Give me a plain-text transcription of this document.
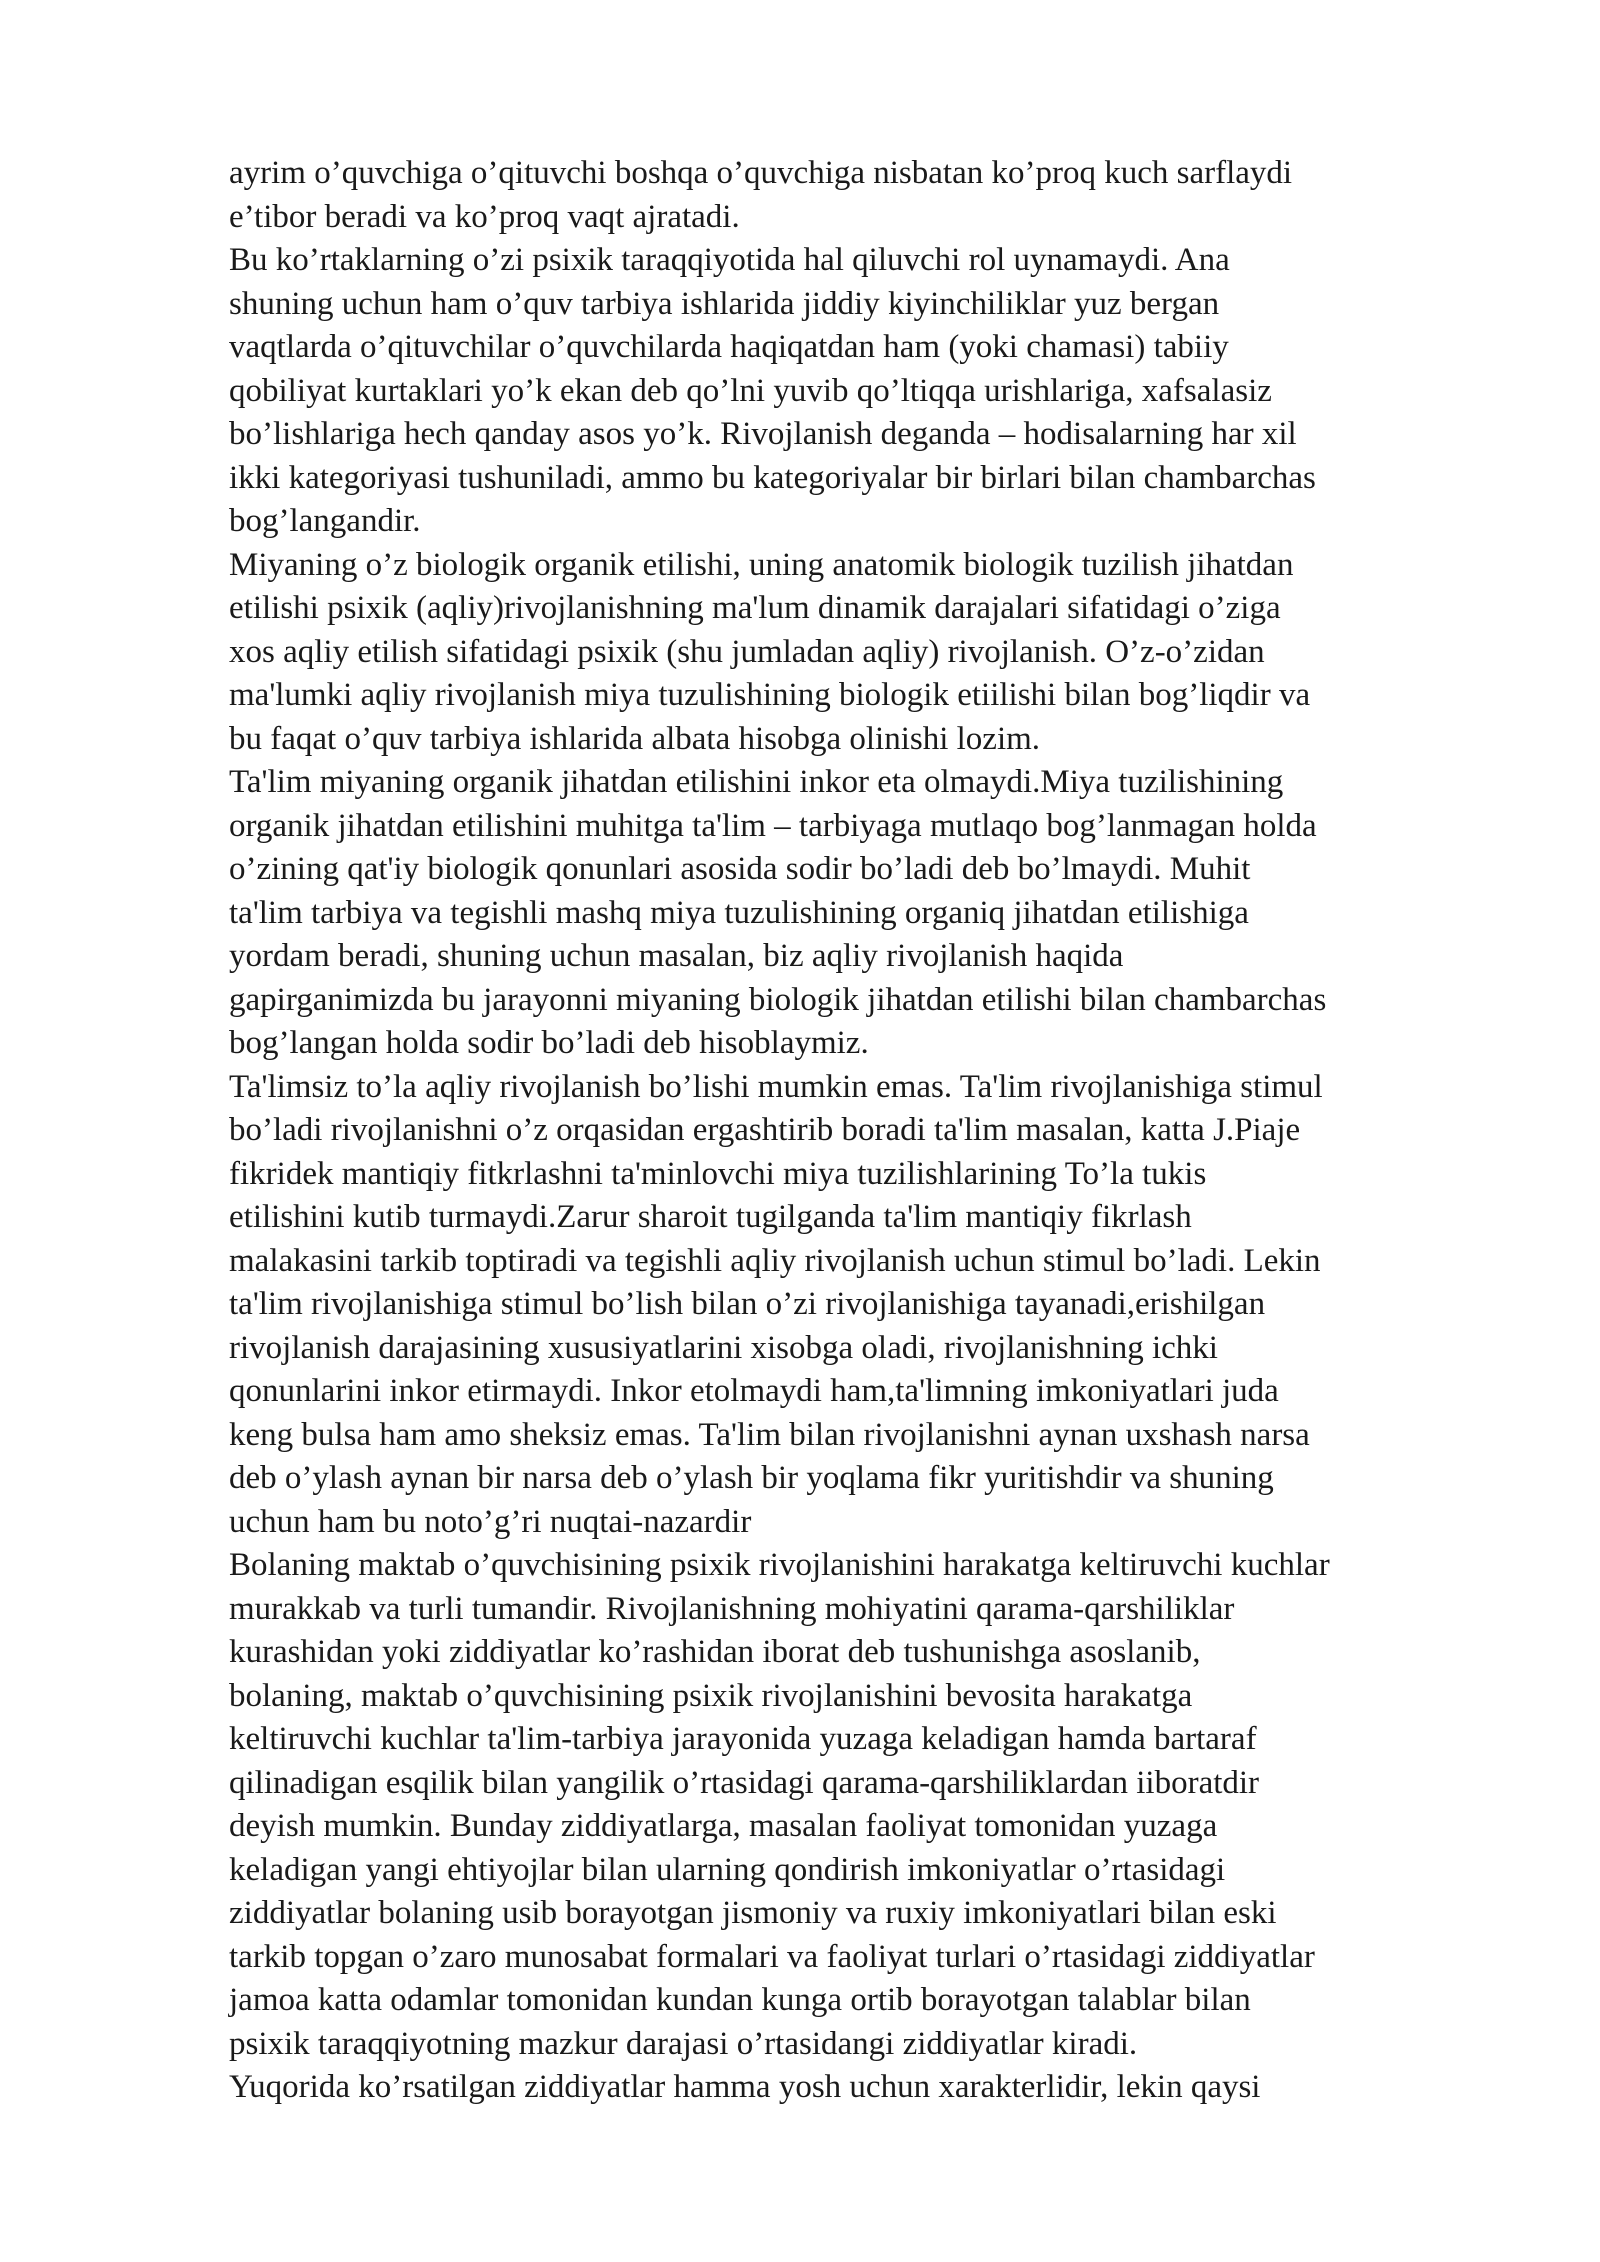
ayrim o’quvchiga o’qituvchi boshqa o’quvchiga nisbatan ko’proq kuch sarflaydi
e’tibor beradi va ko’proq vaqt ajratadi.
Bu ko’rtaklarning o’zi psixik taraqqiyotida hal qiluvchi rol uynamaydi. Ana
shuning uchun ham o’quv tarbiya ishlarida jiddiy kiyinchiliklar yuz bergan
vaqtlarda o’qituvchilar o’quvchilarda haqiqatdan ham (yoki chamasi) tabiiy
qobiliyat kurtaklari yo’k ekan deb qo’lni yuvib qo’ltiqqa urishlariga, xafsalasiz
bo’lishlariga hech qanday asos yo’k. Rivojlanish deganda – hodisalarning har xil
ikki kategoriyasi tushuniladi, ammo bu kategoriyalar bir birlari bilan chambarchas
bog’langandir.
Miyaning o’z biologik organik etilishi, uning anatomik biologik tuzilish jihatdan
etilishi psixik (aqliy)rivojlanishning ma'lum dinamik darajalari sifatidagi o’ziga
xos aqliy etilish sifatidagi psixik (shu jumladan aqliy) rivojlanish. O’z-o’zidan
ma'lumki aqliy rivojlanish miya tuzulishining biologik etiilishi bilan bog’liqdir va
bu faqat o’quv tarbiya ishlarida albata hisobga olinishi lozim.
Ta'lim miyaning organik jihatdan etilishini inkor eta olmaydi.Miya tuzilishining
organik jihatdan etilishini muhitga ta'lim – tarbiyaga mutlaqo bog’lanmagan holda
o’zining qat'iy biologik qonunlari asosida sodir bo’ladi deb bo’lmaydi. Muhit
ta'lim tarbiya va tegishli mashq miya tuzulishining organiq jihatdan etilishiga
yordam beradi, shuning uchun masalan, biz aqliy rivojlanish haqida
gapirganimizda bu jarayonni miyaning biologik jihatdan etilishi bilan chambarchas
bog’langan holda sodir bo’ladi deb hisoblaymiz.
Ta'limsiz to’la aqliy rivojlanish bo’lishi mumkin emas. Ta'lim rivojlanishiga stimul
bo’ladi rivojlanishni o’z orqasidan ergashtirib boradi ta'lim masalan, katta J.Piaje
fikridek mantiqiy fitkrlashni ta'minlovchi miya tuzilishlarining To’la tukis
etilishini kutib turmaydi.Zarur sharoit tugilganda ta'lim mantiqiy fikrlash
malakasini tarkib toptiradi va tegishli aqliy rivojlanish uchun stimul bo’ladi. Lekin
ta'lim rivojlanishiga stimul bo’lish bilan o’zi rivojlanishiga tayanadi,erishilgan
rivojlanish darajasining xususiyatlarini xisobga oladi, rivojlanishning ichki
qonunlarini inkor etirmaydi. Inkor etolmaydi ham,ta'limning imkoniyatlari juda
keng bulsa ham amo sheksiz emas. Ta'lim bilan rivojlanishni aynan uxshash narsa
deb o’ylash aynan bir narsa deb o’ylash bir yoqlama fikr yuritishdir va shuning
uchun ham bu noto’g’ri nuqtai-nazardir
Bolaning maktab o’quvchisining psixik rivojlanishini harakatga keltiruvchi kuchlar
murakkab va turli tumandir. Rivojlanishning mohiyatini qarama-qarshiliklar
kurashidan yoki ziddiyatlar ko’rashidan iborat deb tushunishga asoslanib,
bolaning, maktab o’quvchisining psixik rivojlanishini bevosita harakatga
keltiruvchi kuchlar ta'lim-tarbiya jarayonida yuzaga keladigan hamda bartaraf
qilinadigan esqilik bilan yangilik o’rtasidagi qarama-qarshiliklardan iiboratdir
deyish mumkin. Bunday ziddiyatlarga, masalan faoliyat tomonidan yuzaga
keladigan yangi ehtiyojlar bilan ularning qondirish imkoniyatlar o’rtasidagi
ziddiyatlar bolaning usib borayotgan jismoniy va ruxiy imkoniyatlari bilan eski
tarkib topgan o’zaro munosabat formalari va faoliyat turlari o’rtasidagi ziddiyatlar
jamoa katta odamlar tomonidan kundan kunga ortib borayotgan talablar bilan
psixik taraqqiyotning mazkur darajasi o’rtasidangi ziddiyatlar kiradi.
Yuqorida ko’rsatilgan ziddiyatlar hamma yosh uchun xarakterlidir, lekin qaysi
